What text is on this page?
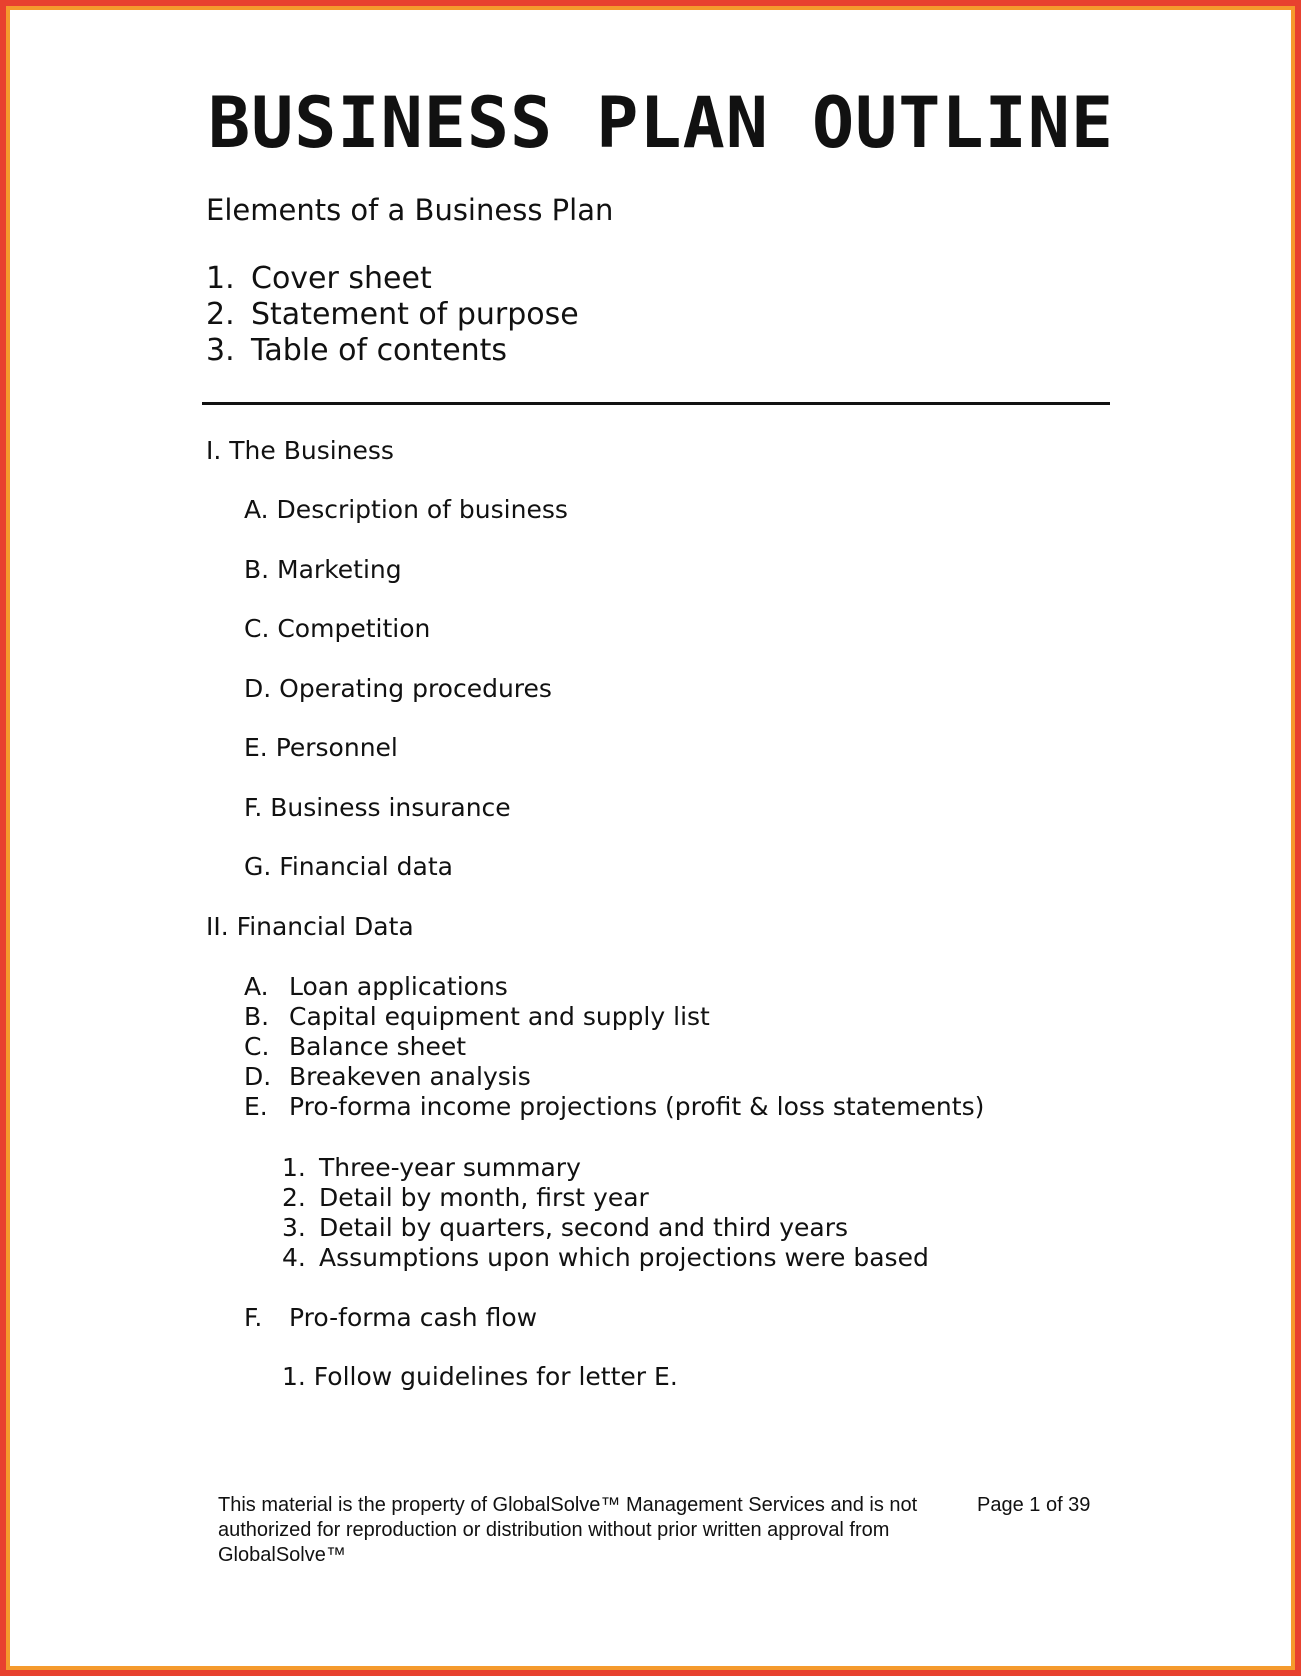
BUSINESS PLAN OUTLINE
Elements of a Business Plan
1. Cover sheet
2. Statement of purpose
3. Table of contents
I. The Business
A. Description of business
B. Marketing
C. Competition
D. Operating procedures
E. Personnel
F. Business insurance
G. Financial data
II. Financial Data
A. Loan applications
B. Capital equipment and supply list
C. Balance sheet
D. Breakeven analysis
E. Pro-forma income projections (profit & loss statements)
1. Three-year summary
2. Detail by month, first year
3. Detail by quarters, second and third years
4. Assumptions upon which projections were based
F.	Pro-forma cash flow
1. Follow guidelines for letter E.
This material is the property of GlobalSolve™ Management Services and is not authorized for reproduction or distribution without prior written approval from GlobalSolve™
Page 1 of 39
